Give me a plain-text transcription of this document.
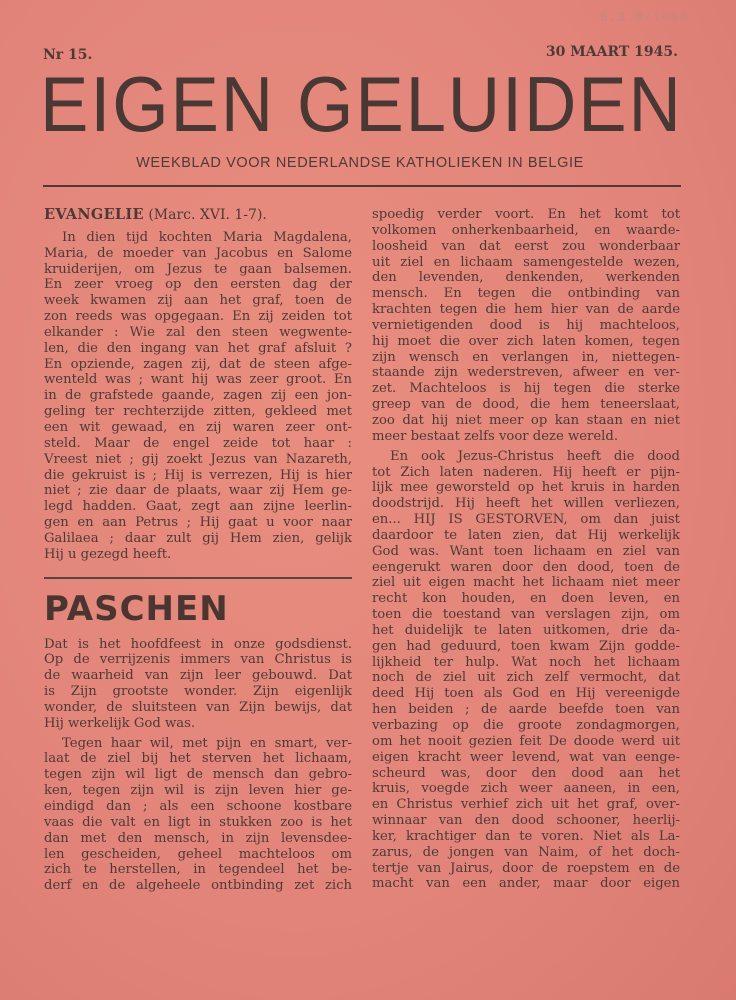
5.3.9/1456
Nr 15.	30 MAART 1945.
EIGEN GELUIDEN
WEEKBLAD VOOR NEDERLANDSE KATHOLIEKEN IN BELGIE
EVANGELIE (Marc. XVI. 1-7).
In dien tijd kochten Maria Magdalena,
Maria, de moeder van Jacobus en Salome
kruiderijen, om Jezus te gaan balsemen.
En zeer vroeg op den eersten dag der
week kwamen zij aan het graf, toen de
zon reeds was opgegaan. En zij zeiden tot
elkander : Wie zal den steen wegwente-
len, die den ingang van het graf afsluit ?
En opziende, zagen zij, dat de steen afge-
wenteld was ; want hij was zeer groot. En
in de grafstede gaande, zagen zij een jon-
geling ter rechterzijde zitten, gekleed met
een wit gewaad, en zij waren zeer ont-
steld. Maar de engel zeide tot haar :
Vreest niet ; gij zoekt Jezus van Nazareth,
die gekruist is ; Hij is verrezen, Hij is hier
niet ; zie daar de plaats, waar zij Hem ge-
legd hadden. Gaat, zegt aan zijne leerlin-
gen en aan Petrus ; Hij gaat u voor naar
Galilaea ; daar zult gij Hem zien, gelijk
Hij u gezegd heeft.
PASCHEN
Dat is het hoofdfeest in onze godsdienst.
Op de verrijzenis immers van Christus is
de waarheid van zijn leer gebouwd. Dat
is Zijn grootste wonder. Zijn eigenlijk
wonder, de sluitsteen van Zijn bewijs, dat
Hij werkelijk God was.
Tegen haar wil, met pijn en smart, ver-
laat de ziel bij het sterven het lichaam,
tegen zijn wil ligt de mensch dan gebro-
ken, tegen zijn wil is zijn leven hier ge-
eindigd dan ; als een schoone kostbare
vaas die valt en ligt in stukken zoo is het
dan met den mensch, in zijn levensdee-
len gescheiden, geheel machteloos om
zich te herstellen, in tegendeel het be-
derf en de algeheele ontbinding zet zich
spoedig verder voort. En het komt tot
volkomen onherkenbaarheid, en waarde-
loosheid van dat eerst zou wonderbaar
uit ziel en lichaam samengestelde wezen,
den levenden, denkenden, werkenden
mensch. En tegen die ontbinding van
krachten tegen die hem hier van de aarde
vernietigenden dood is hij machteloos,
hij moet die over zich laten komen, tegen
zijn wensch en verlangen in, niettegen-
staande zijn wederstreven, afweer en ver-
zet. Machteloos is hij tegen die sterke
greep van de dood, die hem teneerslaat,
zoo dat hij niet meer op kan staan en niet
meer bestaat zelfs voor deze wereld.
En ook Jezus-Christus heeft die dood
tot Zich laten naderen. Hij heeft er pijn-
lijk mee geworsteld op het kruis in harden
doodstrijd. Hij heeft het willen verliezen,
en... HIJ IS GESTORVEN, om dan juist
daardoor te laten zien, dat Hij werkelijk
God was. Want toen lichaam en ziel van
eengerukt waren door den dood, toen de
ziel uit eigen macht het lichaam niet meer
recht kon houden, en doen leven, en
toen die toestand van verslagen zijn, om
het duidelijk te laten uitkomen, drie da-
gen had geduurd, toen kwam Zijn godde-
lijkheid ter hulp. Wat noch het lichaam
noch de ziel uit zich zelf vermocht, dat
deed Hij toen als God en Hij vereenigde
hen beiden ; de aarde beefde toen van
verbazing op die groote zondagmorgen,
om het nooit gezien feit De doode werd uit
eigen kracht weer levend, wat van eenge-
scheurd was, door den dood aan het
kruis, voegde zich weer aaneen, in een,
en Christus verhief zich uit het graf, over-
winnaar van den dood schooner, heerlij-
ker, krachtiger dan te voren. Niet als La-
zarus, de jongen van Naim, of het doch-
tertje van Jairus, door de roepstem en de
macht van een ander, maar door eigen
